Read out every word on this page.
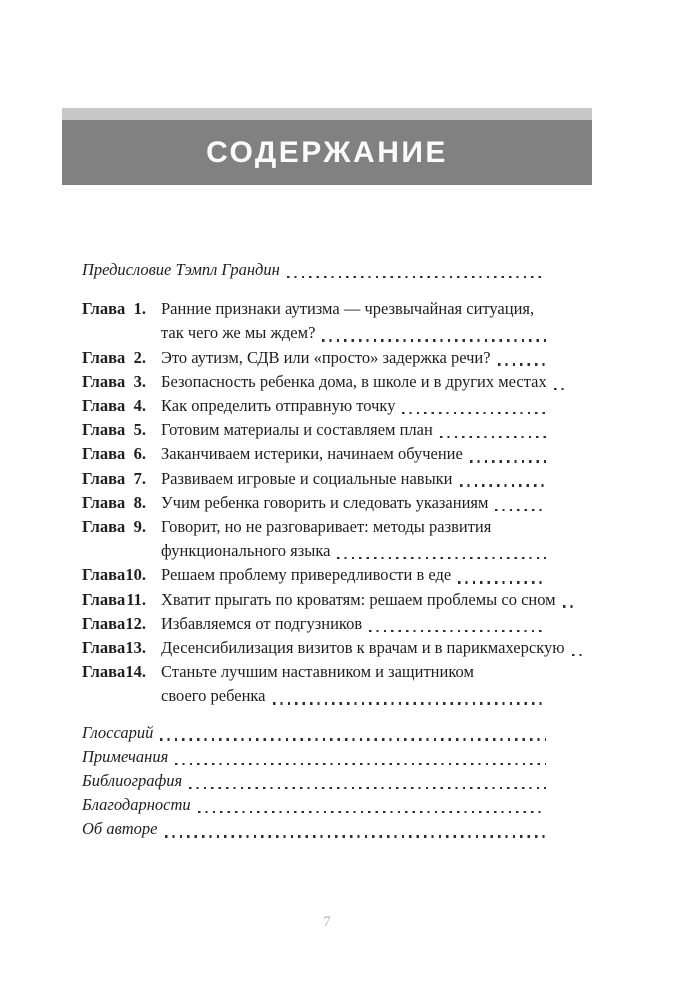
СОДЕРЖАНИЕ
Предисловие Тэмпл Грандин
Глава 1. Ранние признаки аутизма — чрезвычайная ситуация,
так чего же мы ждем?
Глава 2. Это аутизм, СДВ или «просто» задержка речи?
Глава 3. Безопасность ребенка дома, в школе и в других местах
Глава 4. Как определить отправную точку
Глава 5. Готовим материалы и составляем план
Глава 6. Заканчиваем истерики, начинаем обучение
Глава 7. Развиваем игровые и социальные навыки
Глава 8. Учим ребенка говорить и следовать указаниям
Глава 9. Говорит, но не разговаривает: методы развития
функционального языка
Глава 10. Решаем проблему привередливости в еде
Глава 11. Хватит прыгать по кроватям: решаем проблемы со сном
Глава 12. Избавляемся от подгузников
Глава 13. Десенсибилизация визитов к врачам и в парикмахерскую
Глава 14. Станьте лучшим наставником и защитником
своего ребенка
Глоссарий
Примечания
Библиография
Благодарности
Об авторе
7
